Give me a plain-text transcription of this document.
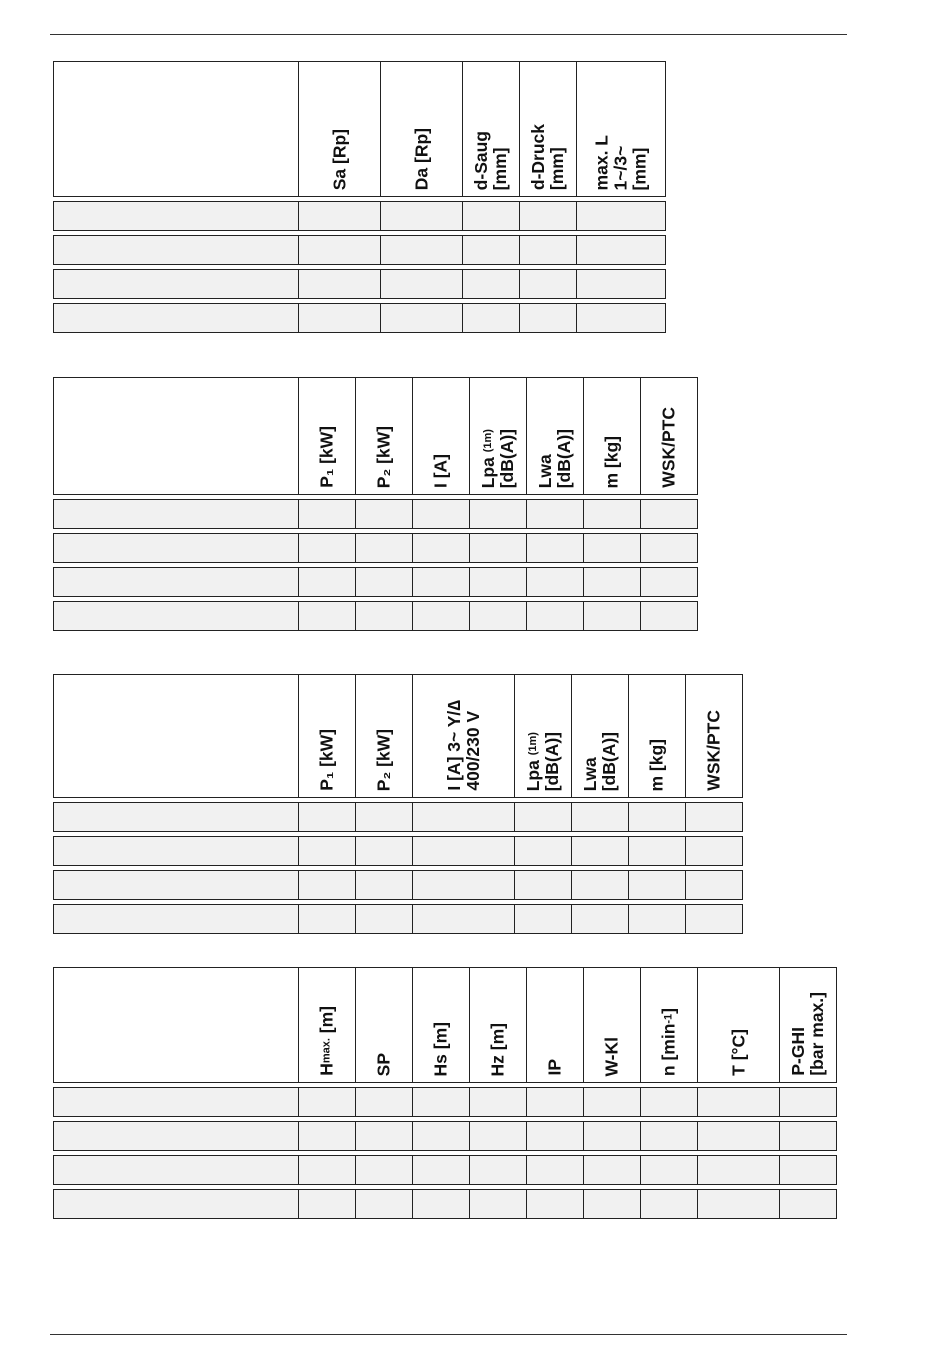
	Sa [Rp]	Da [Rp]	d-Saug
[mm]	d-Druck
[mm]	max. L
1~/3~
[mm]

	P₁ [kW]	P₂ [kW]	I [A]	Lpa (1m)
[dB(A)]	Lwa
[dB(A)]	m [kg]	WSK/PTC

	P₁ [kW]	P₂ [kW]	I [A] 3~ Y/∆
400/230 V	Lpa (1m)
[dB(A)]	Lwa
[dB(A)]	m [kg]	WSK/PTC

	Hmax. [m]	SP	Hs [m]	Hz [m]	IP	W-Kl	n [min-1]	T [°C]	P-GHI
[bar max.]
